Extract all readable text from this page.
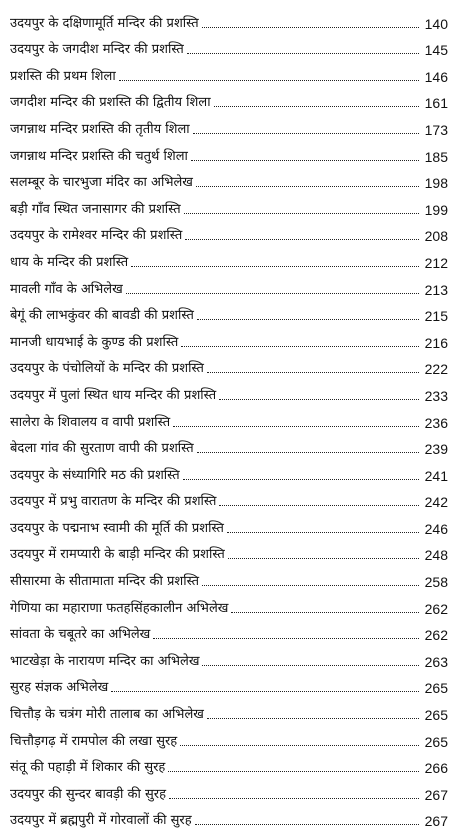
उदयपुर के दक्षिणामूर्ति मन्दिर की प्रशस्ति	140
उदयपुर के जगदीश मन्दिर की प्रशस्ति	145
प्रशस्ति की प्रथम शिला	146
जगदीश मन्दिर की प्रशस्ति की द्वितीय शिला	161
जगन्नाथ मन्दिर प्रशस्ति की तृतीय शिला	173
जगन्नाथ मन्दिर प्रशस्ति की चतुर्थ शिला	185
सलम्बूर के चारभुजा मंदिर का अभिलेख	198
बड़ी गाँव स्थित जनासागर की प्रशस्ति	199
उदयपुर के रामेश्वर मन्दिर की प्रशस्ति	208
धाय के मन्दिर की प्रशस्ति	212
मावली गाँव के अभिलेख	213
बेगूं की लाभकुंवर की बावडी की प्रशस्ति	215
मानजी धायभाई के कुण्ड की प्रशस्ति	216
उदयपुर के पंचोलियों के मन्दिर की प्रशस्ति	222
उदयपुर में पुलां स्थित धाय मन्दिर की प्रशस्ति	233
सालेरा के शिवालय व वापी प्रशस्ति	236
बेदला गांव की सुरताण वापी की प्रशस्ति	239
उदयपुर के संध्यागिरि मठ की प्रशस्ति	241
उदयपुर में प्रभु वारातण के मन्दिर की प्रशस्ति	242
उदयपुर के पद्मनाभ स्वामी की मूर्ति की प्रशस्ति	246
उदयपुर में रामप्यारी के बाड़ी मन्दिर की प्रशस्ति	248
सीसारमा के सीतामाता मन्दिर की प्रशस्ति	258
गेणिया का महाराणा फतहसिंहकालीन अभिलेख	262
सांवता के चबूतरे का अभिलेख	262
भाटखेड़ा के नारायण मन्दिर का अभिलेख	263
सुरह संज्ञक अभिलेख	265
चित्तौड़ के चत्रंग मोरी तालाब का अभिलेख	265
चित्तौड़गढ़ में रामपोल की लखा सुरह	265
संतू की पहाड़ी में शिकार की सुरह	266
उदयपुर की सुन्दर बावड़ी की सुरह	267
उदयपुर में ब्रह्मपुरी में गोरवालों की सुरह	267
